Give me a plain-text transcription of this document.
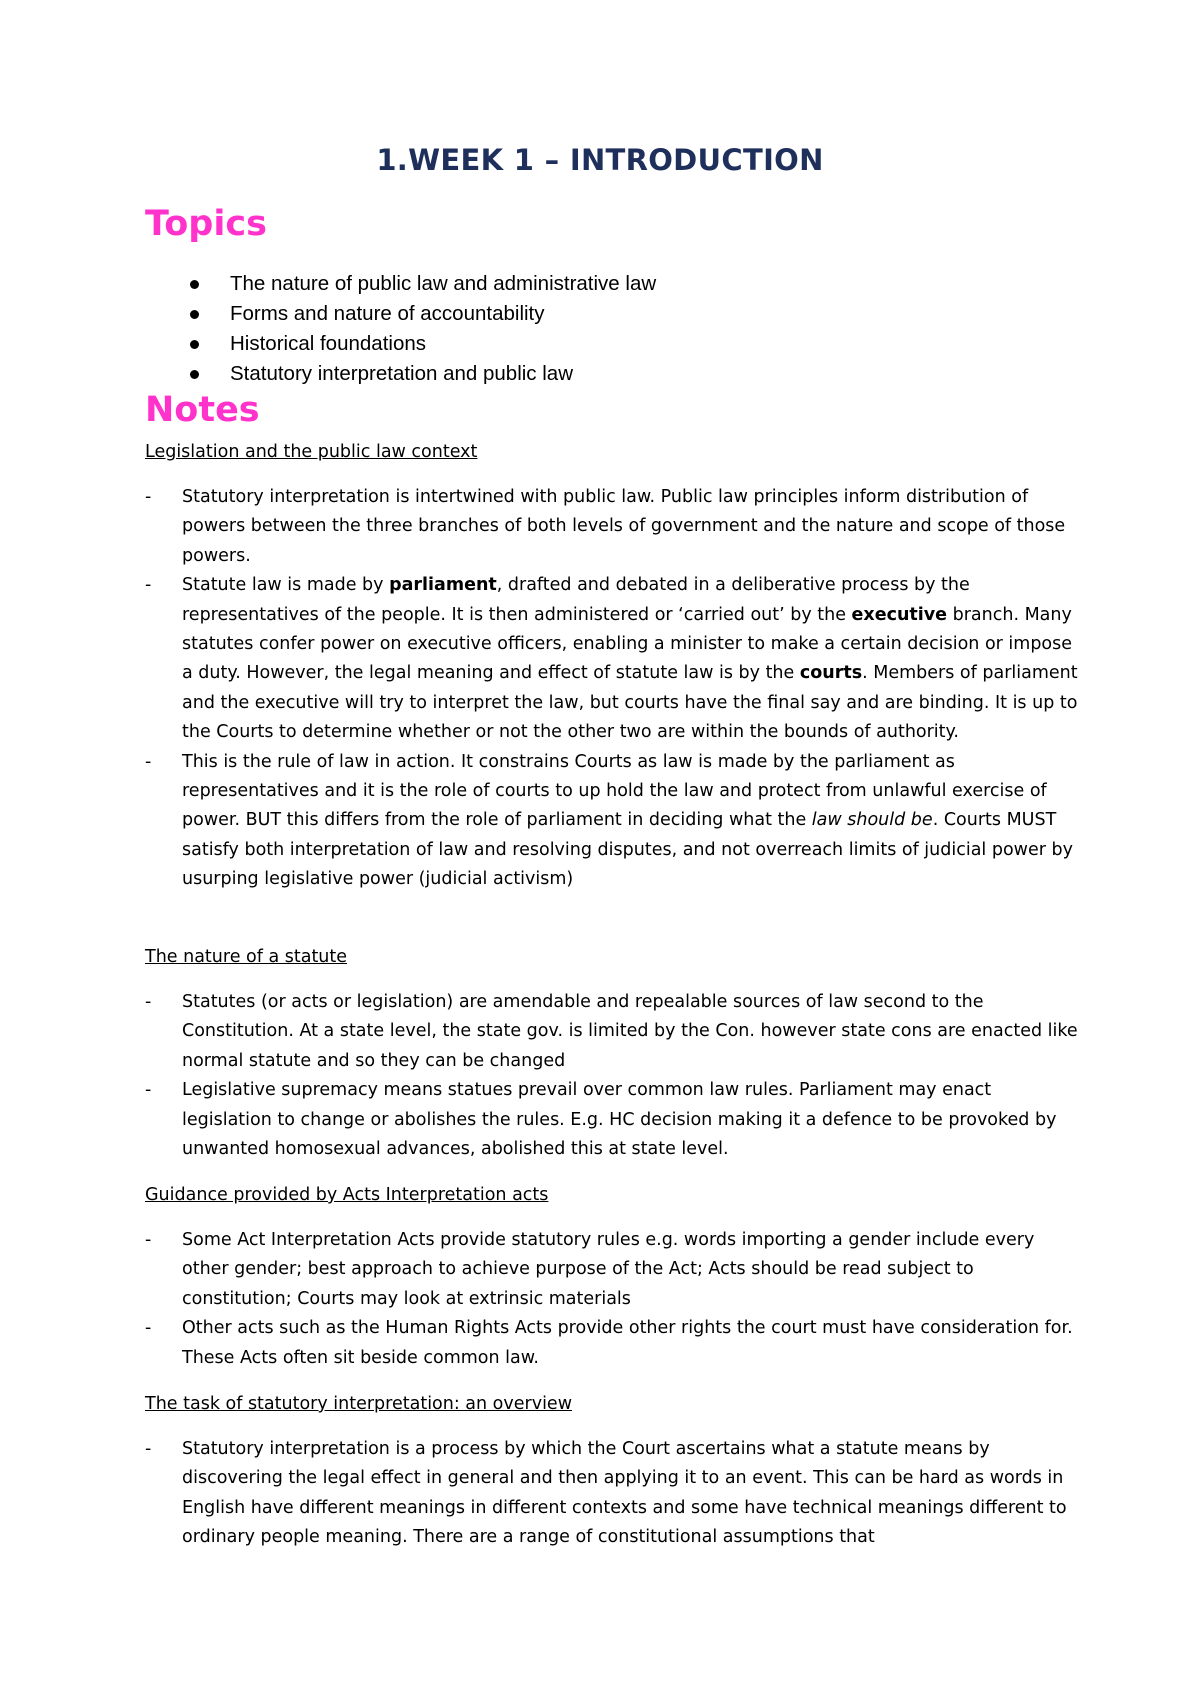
1.WEEK 1 – INTRODUCTION
Topics
The nature of public law and administrative law
Forms and nature of accountability
Historical foundations
Statutory interpretation and public law
Notes
Legislation and the public law context
- Statutory interpretation is intertwined with public law. Public law principles inform distribution of powers between the three branches of both levels of government and the nature and scope of those powers.
- Statute law is made by parliament, drafted and debated in a deliberative process by the representatives of the people. It is then administered or ‘carried out’ by the executive branch. Many statutes confer power on executive officers, enabling a minister to make a certain decision or impose a duty. However, the legal meaning and effect of statute law is by the courts. Members of parliament and the executive will try to interpret the law, but courts have the final say and are binding. It is up to the Courts to determine whether or not the other two are within the bounds of authority.
- This is the rule of law in action. It constrains Courts as law is made by the parliament as representatives and it is the role of courts to up hold the law and protect from unlawful exercise of power. BUT this differs from the role of parliament in deciding what the law should be. Courts MUST satisfy both interpretation of law and resolving disputes, and not overreach limits of judicial power by usurping legislative power (judicial activism)
The nature of a statute
- Statutes (or acts or legislation) are amendable and repealable sources of law second to the Constitution. At a state level, the state gov. is limited by the Con. however state cons are enacted like normal statute and so they can be changed
- Legislative supremacy means statues prevail over common law rules. Parliament may enact legislation to change or abolishes the rules. E.g. HC decision making it a defence to be provoked by unwanted homosexual advances, abolished this at state level.
Guidance provided by Acts Interpretation acts
- Some Act Interpretation Acts provide statutory rules e.g. words importing a gender include every other gender; best approach to achieve purpose of the Act; Acts should be read subject to constitution; Courts may look at extrinsic materials
- Other acts such as the Human Rights Acts provide other rights the court must have consideration for. These Acts often sit beside common law.
The task of statutory interpretation: an overview
- Statutory interpretation is a process by which the Court ascertains what a statute means by discovering the legal effect in general and then applying it to an event. This can be hard as words in English have different meanings in different contexts and some have technical meanings different to ordinary people meaning. There are a range of constitutional assumptions that
